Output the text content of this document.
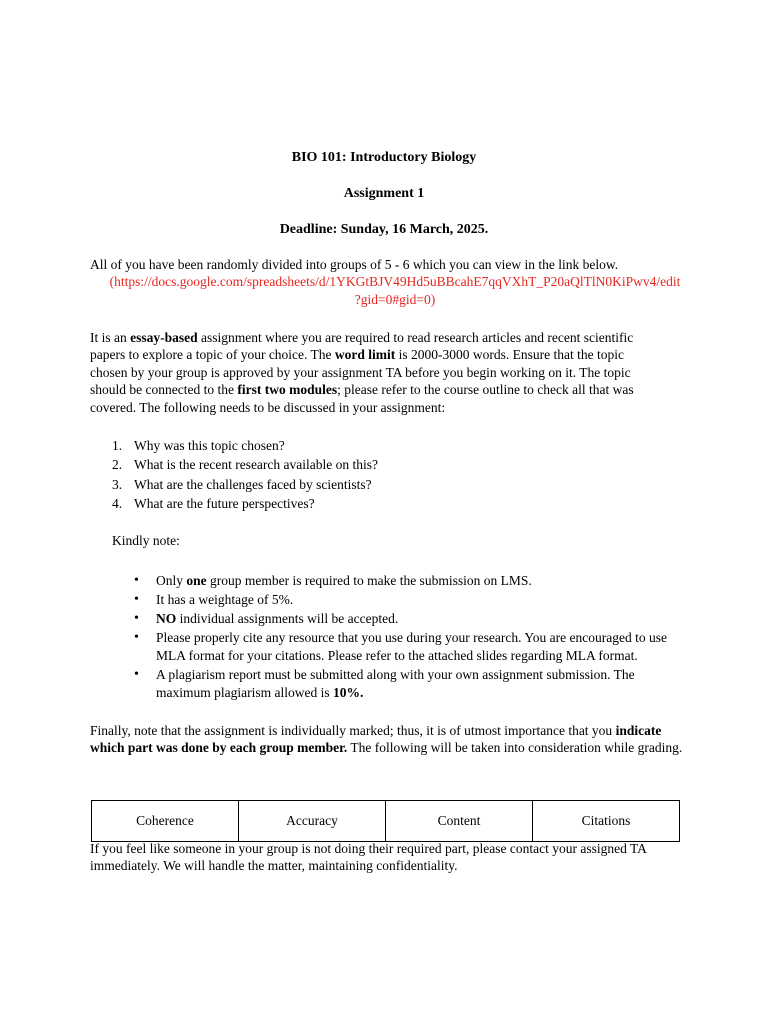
BIO 101: Introductory Biology
Assignment 1
Deadline: Sunday, 16 March, 2025.
All of you have been randomly divided into groups of 5 - 6 which you can view in the link below.
(https://docs.google.com/spreadsheets/d/1YKGtBJV49Hd5uBBcahE7qqVXhT_P20aQlTlN0KiPwv4/edit
?gid=0#gid=0)
It is an essay-based assignment where you are required to read research articles and recent scientific papers to explore a topic of your choice. The word limit is 2000-3000 words. Ensure that the topic chosen by your group is approved by your assignment TA before you begin working on it. The topic should be connected to the first two modules; please refer to the course outline to check all that was covered. The following needs to be discussed in your assignment:
1. Why was this topic chosen?
2. What is the recent research available on this?
3. What are the challenges faced by scientists?
4. What are the future perspectives?
Kindly note:
• Only one group member is required to make the submission on LMS.
• It has a weightage of 5%.
• NO individual assignments will be accepted.
• Please properly cite any resource that you use during your research. You are encouraged to use MLA format for your citations. Please refer to the attached slides regarding MLA format.
• A plagiarism report must be submitted along with your own assignment submission. The maximum plagiarism allowed is 10%.
Finally, note that the assignment is individually marked; thus, it is of utmost importance that you indicate which part was done by each group member. The following will be taken into consideration while grading.
Coherence	Accuracy	Content	Citations
If you feel like someone in your group is not doing their required part, please contact your assigned TA immediately. We will handle the matter, maintaining confidentiality.
